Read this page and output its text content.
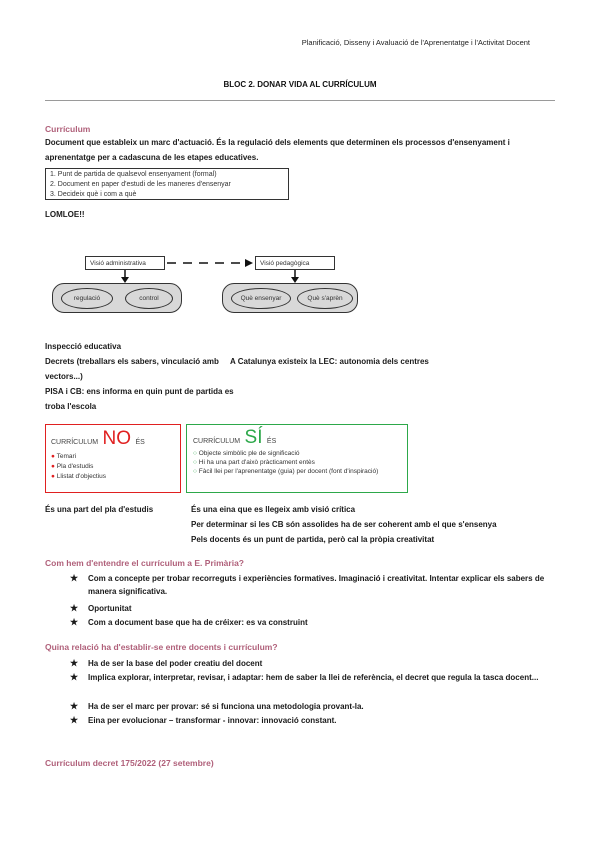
Planificació, Disseny i Avaluació de l'Aprenentatge i l'Activitat Docent
BLOC 2. DONAR VIDA AL CURRÍCULUM
Currículum
Document que estableix un marc d'actuació. És la regulació dels elements que determinen els processos d'ensenyament i aprenentatge per a cadascuna de les etapes educatives.
1. Punt de partida de qualsevol ensenyament (formal)
2. Document en paper d'estudi de les maneres d'ensenyar
3. Decideix què i com a què
LOMLOE!!
Visió administrativa	Visió pedagògica
regulació	control	Què ensenyar	Què s'aprèn
Inspecció educativa
Decrets (treballars els sabers, vinculació amb vectors...)
PISA i CB: ens informa en quin punt de partida es troba l'escola
A Catalunya existeix la LEC: autonomia dels centres
CURRÍCULUM NO ÉS
● Temari
● Pla d'estudis
● Llistat d'objectius
CURRÍCULUM SÍ ÉS
○ Objecte simbòlic ple de significació
○ Hi ha una part d'això pràcticament entès
○ Fàcil llei per l'aprenentatge (guia) per docent (font d'inspiració)
És una part del pla d'estudis	És una eina que es llegeix amb visió crítica
Per determinar si les CB són assolides ha de ser coherent amb el que s'ensenya
Pels docents és un punt de partida, però cal la pròpia creativitat
Com hem d'entendre el currículum a E. Primària?
★ Com a concepte per trobar recorreguts i experiències formatives. Imaginació i creativitat. Intentar explicar els sabers de manera significativa.
★ Oportunitat
★ Com a document base que ha de créixer: es va construint
Quina relació ha d'establir-se entre docents i currículum?
★ Ha de ser la base del poder creatiu del docent
★ Implica explorar, interpretar, revisar, i adaptar: hem de saber la llei de referència, el decret que regula la tasca docent...
★ Ha de ser el marc per provar: sé si funciona una metodologia provant-la.
★ Eina per evolucionar – transformar - innovar: innovació constant.
Currículum decret 175/2022 (27 setembre)
